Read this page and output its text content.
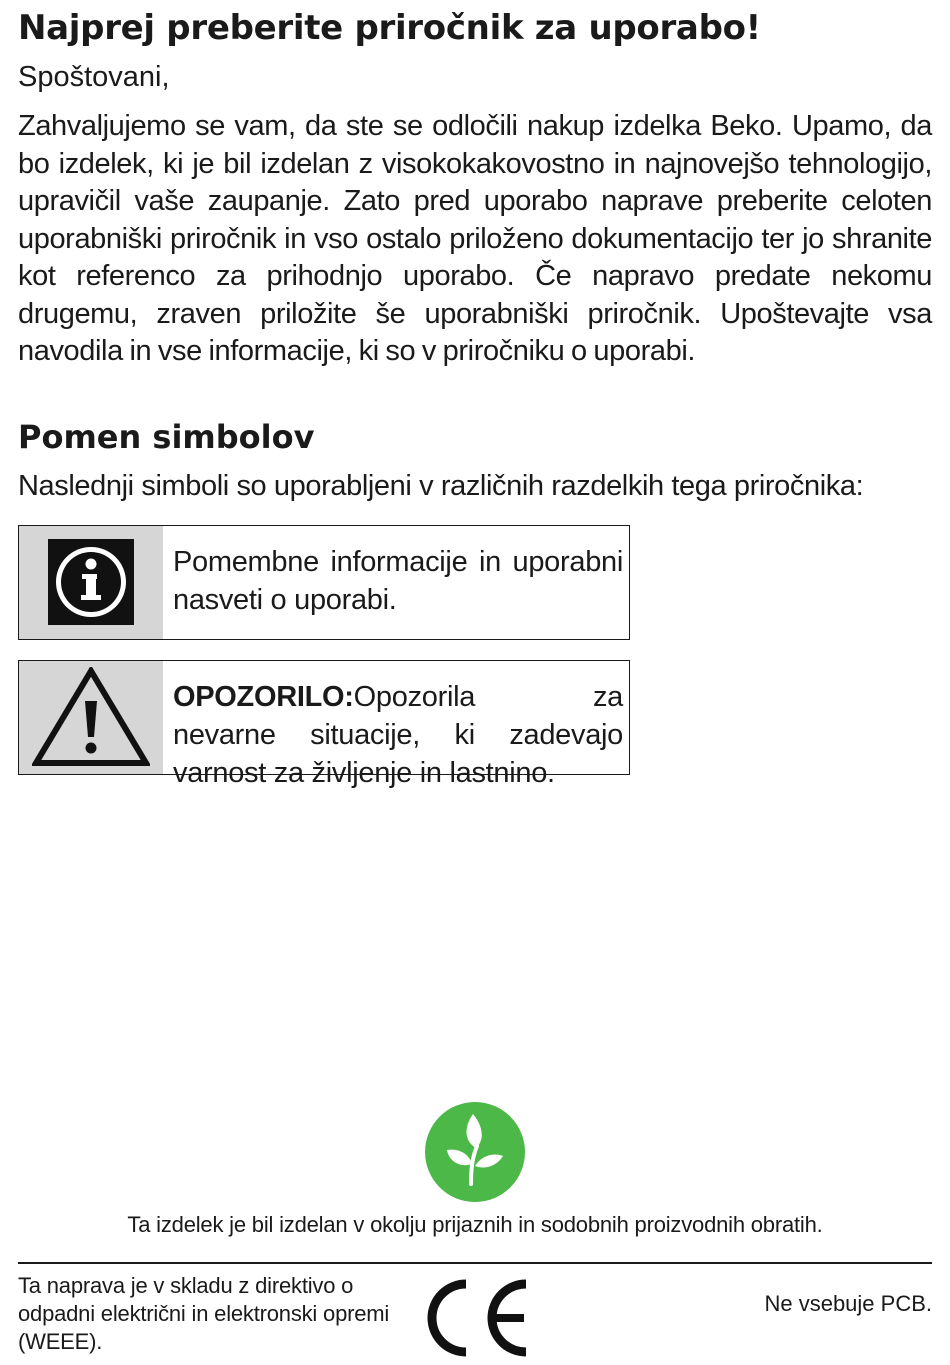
Najprej preberite priročnik za uporabo!

Spoštovani,

Zahvaljujemo se vam, da ste se odločili nakup izdelka Beko. Upamo, da bo izdelek, ki je bil izdelan z visokokakovostno in najnovejšo tehnologijo, upravičil vaše zaupanje. Zato pred uporabo naprave preberite celoten uporabniški priročnik in vso ostalo priloženo dokumentacijo ter jo shranite kot referenco za prihodnjo uporabo. Če napravo predate nekomu drugemu, zraven priložite še uporabniški priročnik. Upoštevajte vsa navodila in vse informacije, ki so v priročniku o uporabi.

Pomen simbolov

Naslednji simboli so uporabljeni v različnih razdelkih tega priročnika:

Pomembne informacije in uporabni nasveti o uporabi.
OPOZORILO:Opozorila za nevarne situacije, ki zadevajo varnost za življenje in lastnino.
Ta izdelek je bil izdelan v okolju prijaznih in sodobnih proizvodnih obratih.
Ta naprava je v skladu z direktivo o odpadni električni in elektronski opremi (WEEE).
Ne vsebuje PCB.
